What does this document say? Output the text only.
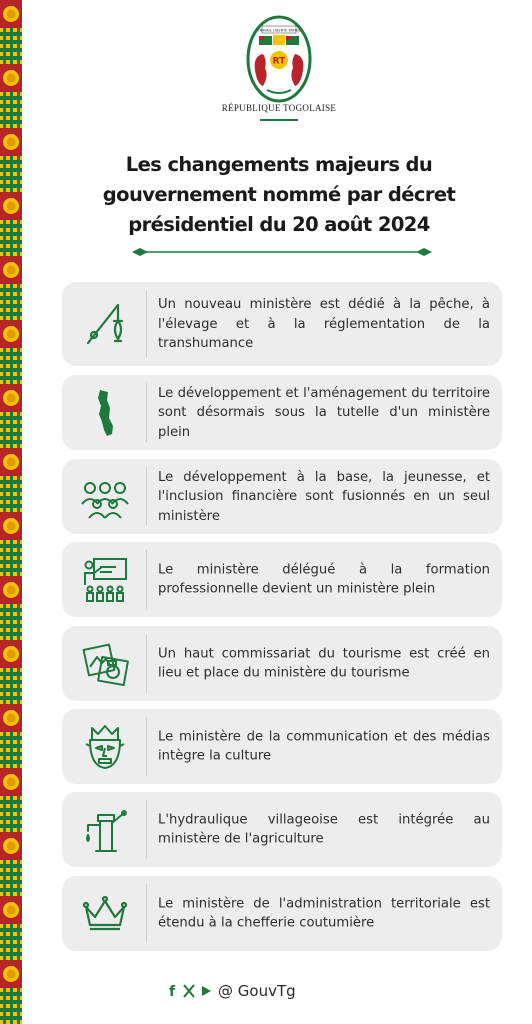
TRAVAIL LIBERTÉ PATRIE
RT
RÉPUBLIQUE TOGOLAISE
Les changements majeurs du
gouvernement nommé par décret
présidentiel du 20 août 2024
Un nouveau ministère est dédié à la pêche, à l'élevage et à la réglementation de la transhumance
Le développement et l'aménagement du territoire sont désormais sous la tutelle d'un ministère plein
Le développement à la base, la jeunesse, et l'inclusion financière sont fusionnés en un seul ministère
Le ministère délégué à la formation professionnelle devient un ministère plein
Un haut commissariat du tourisme est créé en lieu et place du ministère du tourisme
Le ministère de la communication et des médias intègre la culture
L'hydraulique villageoise est intégrée au ministère de l'agriculture
Le ministère de l'administration territoriale est étendu à la chefferie coutumière
f	@ GouvTg
